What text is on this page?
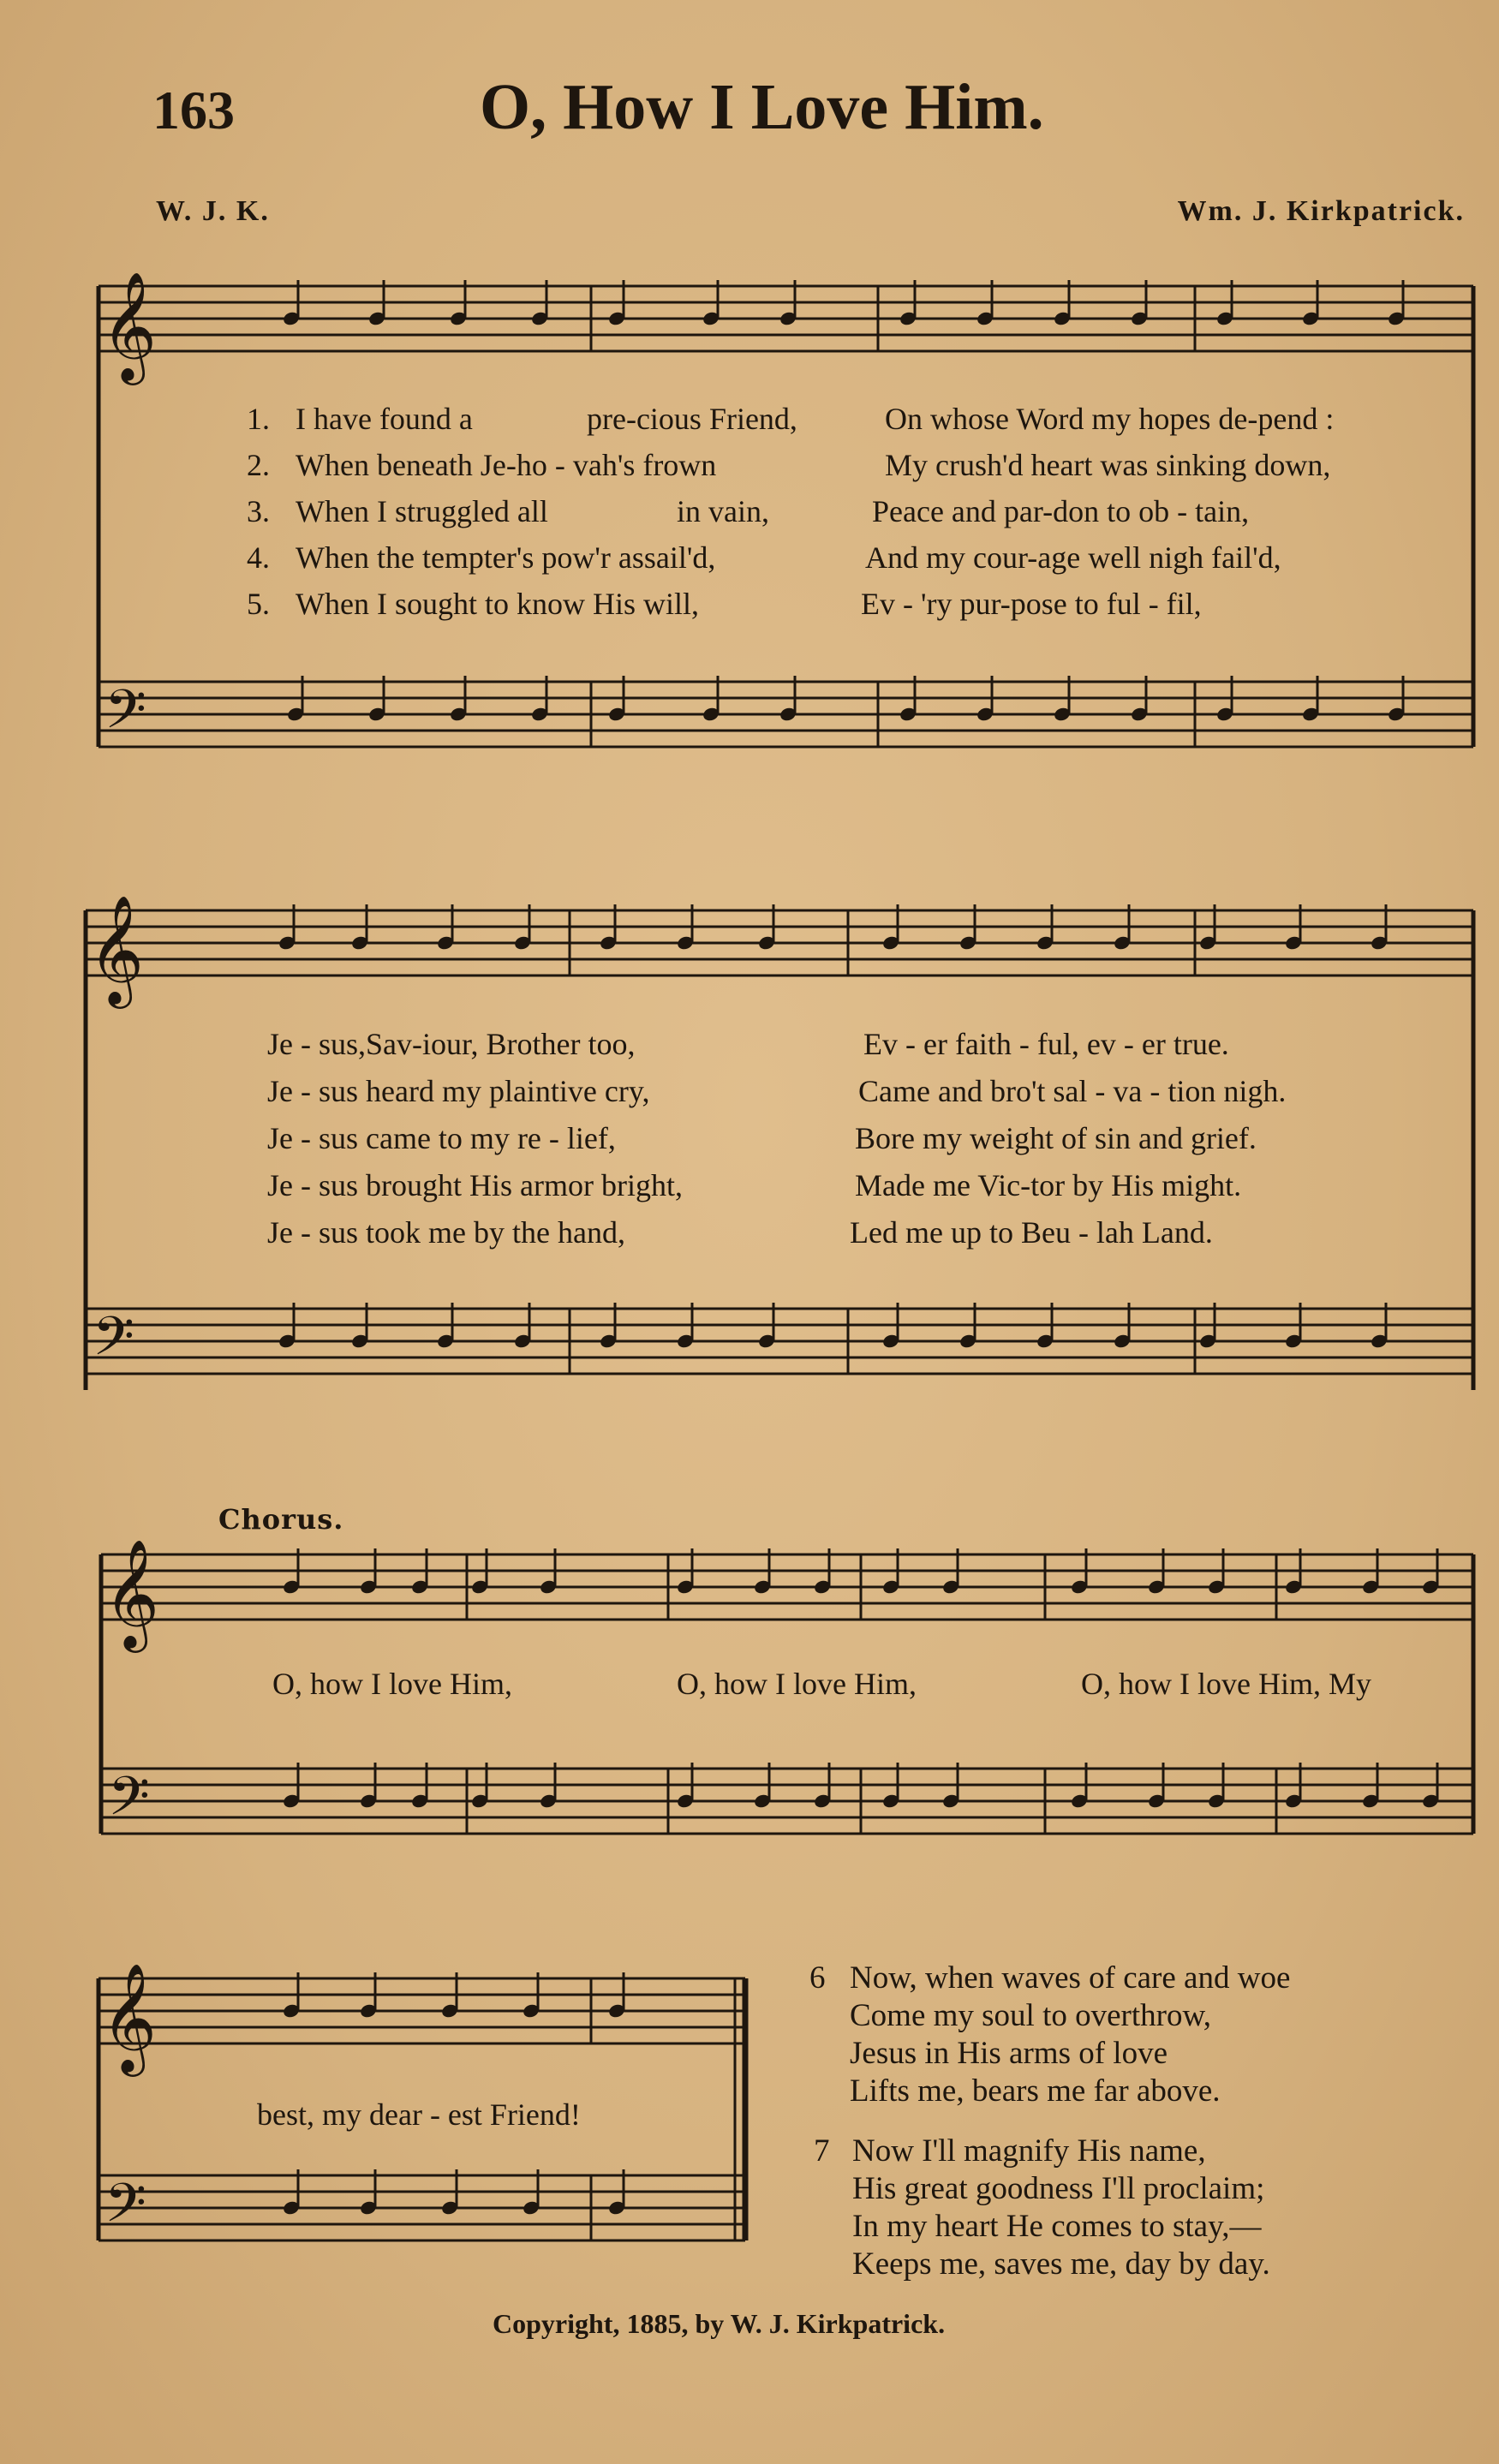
163	O, How I Love Him.
W. J. K.	Wm. J. Kirkpatrick.
𝄞
𝄢
𝄞
𝄢
𝄞
𝄢
𝄞
𝄢
1. I have found a	pre-cious Friend,	On whose Word my hopes de-pend :
2. When beneath Je-ho - vah's frown	My crush'd heart was sinking down,
3. When I struggled all	in vain,	Peace and par-don to ob - tain,
4. When the tempter's pow'r assail'd,	And my cour-age well nigh fail'd,
5. When I sought to know His will,	Ev - 'ry pur-pose to ful - fil,
Je - sus,Sav-iour, Brother too,	Ev - er faith - ful, ev - er true.
Je - sus heard my plaintive cry,	Came and bro't sal - va - tion nigh.
Je - sus came to my re - lief,	Bore my weight of sin and grief.
Je - sus brought His armor bright,	Made me Vic-tor by His might.
Je - sus took me by the hand,	Led me up to Beu - lah Land.
Chorus.
O, how I love Him,	O, how I love Him,	O, how I love Him, My
best, my dear - est Friend!
6 Now, when waves of care and woe
Come my soul to overthrow,
Jesus in His arms of love
Lifts me, bears me far above.
7 Now I'll magnify His name,
His great goodness I'll proclaim;
In my heart He comes to stay,—
Keeps me, saves me, day by day.
Copyright, 1885, by W. J. Kirkpatrick.
